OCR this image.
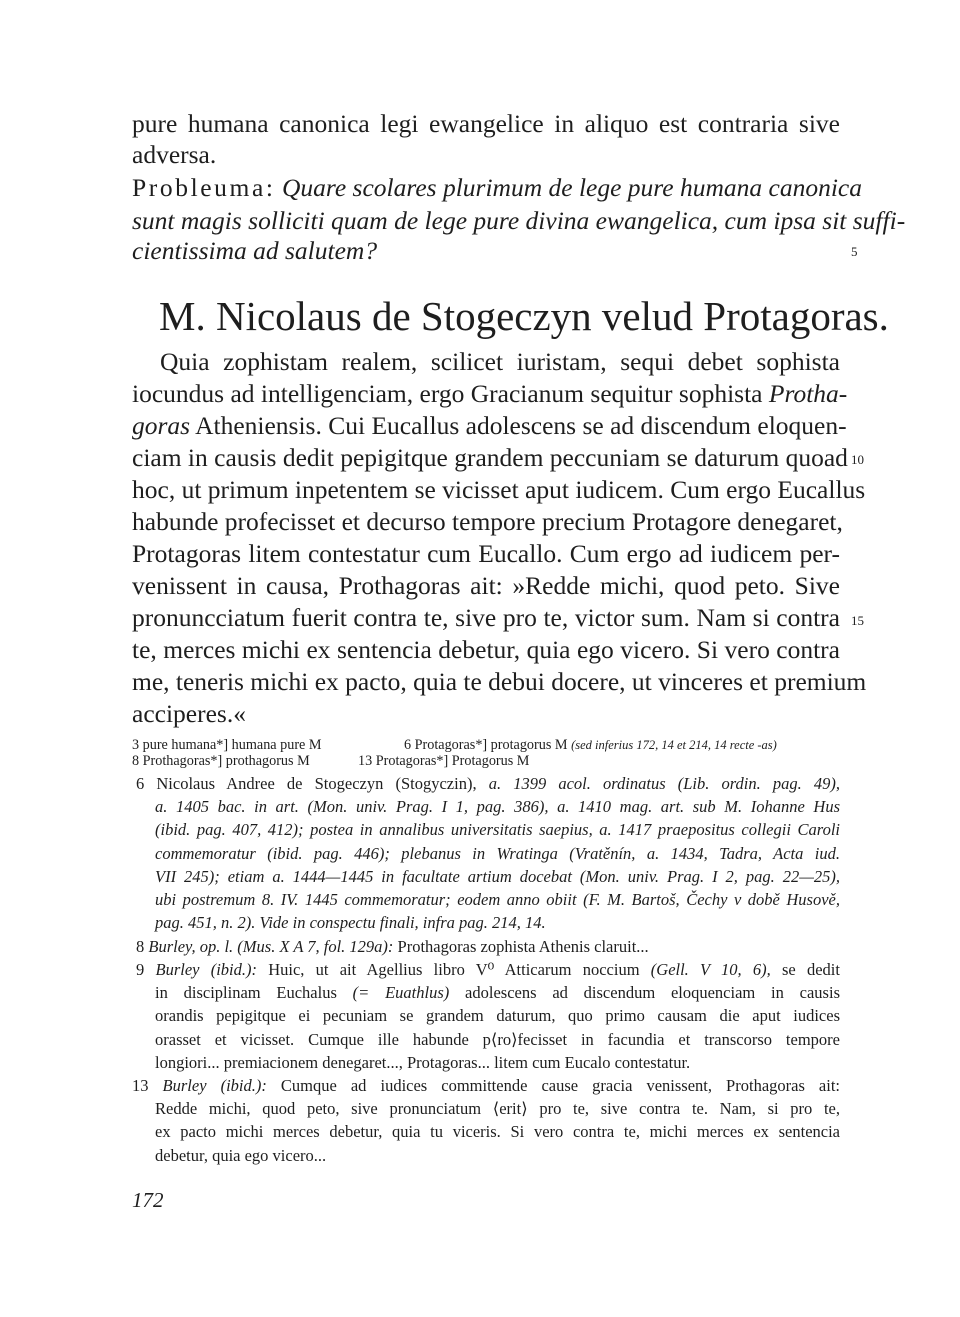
pure humana canonica legi ewangelice in aliquo est contraria sive

adversa.

Probleuma: Quare scolares plurimum de lege pure humana canonica

sunt magis solliciti quam de lege pure divina ewangelica, cum ipsa sit suffi-

cientissima ad salutem?	5
M. Nicolaus de Stogeczyn velud Protagoras.

Quia zophistam realem, scilicet iuristam, sequi debet sophista

iocundus ad intelligenciam, ergo Gracianum sequitur sophista Protha-

goras Atheniensis. Cui Eucallus adolescens se ad discendum eloquen-

ciam in causis dedit pepigitque grandem peccuniam se daturum quoad 10

hoc, ut primum inpetentem se vicisset aput iudicem. Cum ergo Eucallus

habunde profecisset et decurso tempore precium Protagore denegaret,

Protagoras litem contestatur cum Eucallo. Cum ergo ad iudicem per-

venissent in causa, Prothagoras ait: »Redde michi, quod peto. Sive

pronuncciatum fuerit contra te, sive pro te, victor sum. Nam si contra 15

te, merces michi ex sentencia debetur, quia ego vicero. Si vero contra

me, teneris michi ex pacto, quia te debui docere, ut vinceres et premium

acciperes.«

3 pure humana*] humana pure M	6 Protagoras*] protagorus M (sed inferius 172, 14 et 214, 14 recte -as)
8 Prothagoras*] prothagorus M	13 Protagoras*] Protagorus M
6 Nicolaus Andree de Stogeczyn (Stogyczin), a. 1399 acol. ordinatus (Lib. ordin. pag. 49),
a. 1405 bac. in art. (Mon. univ. Prag. I 1, pag. 386), a. 1410 mag. art. sub M. Iohanne Hus
(ibid. pag. 407, 412); postea in annalibus universitatis saepius, a. 1417 praepositus collegii Caroli
commemoratur (ibid. pag. 446); plebanus in Wratinga (Vratěnín, a. 1434, Tadra, Acta iud.
VII 245); etiam a. 1444—1445 in facultate artium docebat (Mon. univ. Prag. I 2, pag. 22—25),
ubi postremum 8. IV. 1445 commemoratur; eodem anno obiit (F. M. Bartoš, Čechy v době Husově,
pag. 451, n. 2). Vide in conspectu finali, infra pag. 214, 14.
8 Burley, op. l. (Mus. X A 7, fol. 129a): Prothagoras zophista Athenis claruit...
9 Burley (ibid.): Huic, ut ait Agellius libro V⁰ Atticarum noccium (Gell. V 10, 6), se dedit
in disciplinam Euchalus (= Euathlus) adolescens ad discendum eloquenciam in causis
orandis pepigitque ei pecuniam se grandem daturum, quo primo causam die aput iudices
orasset et vicisset. Cumque ille habunde p⟨ro⟩fecisset in facundia et transcorso tempore
longiori... premiacionem denegaret..., Protagoras... litem cum Eucalo contestatur.
13 Burley (ibid.): Cumque ad iudices committende cause gracia venissent, Prothagoras ait:
Redde michi, quod peto, sive pronunciatum ⟨erit⟩ pro te, sive contra te. Nam, si pro te,
ex pacto michi merces debetur, quia tu viceris. Si vero contra te, michi merces ex sentencia
debetur, quia ego vicero...

172
